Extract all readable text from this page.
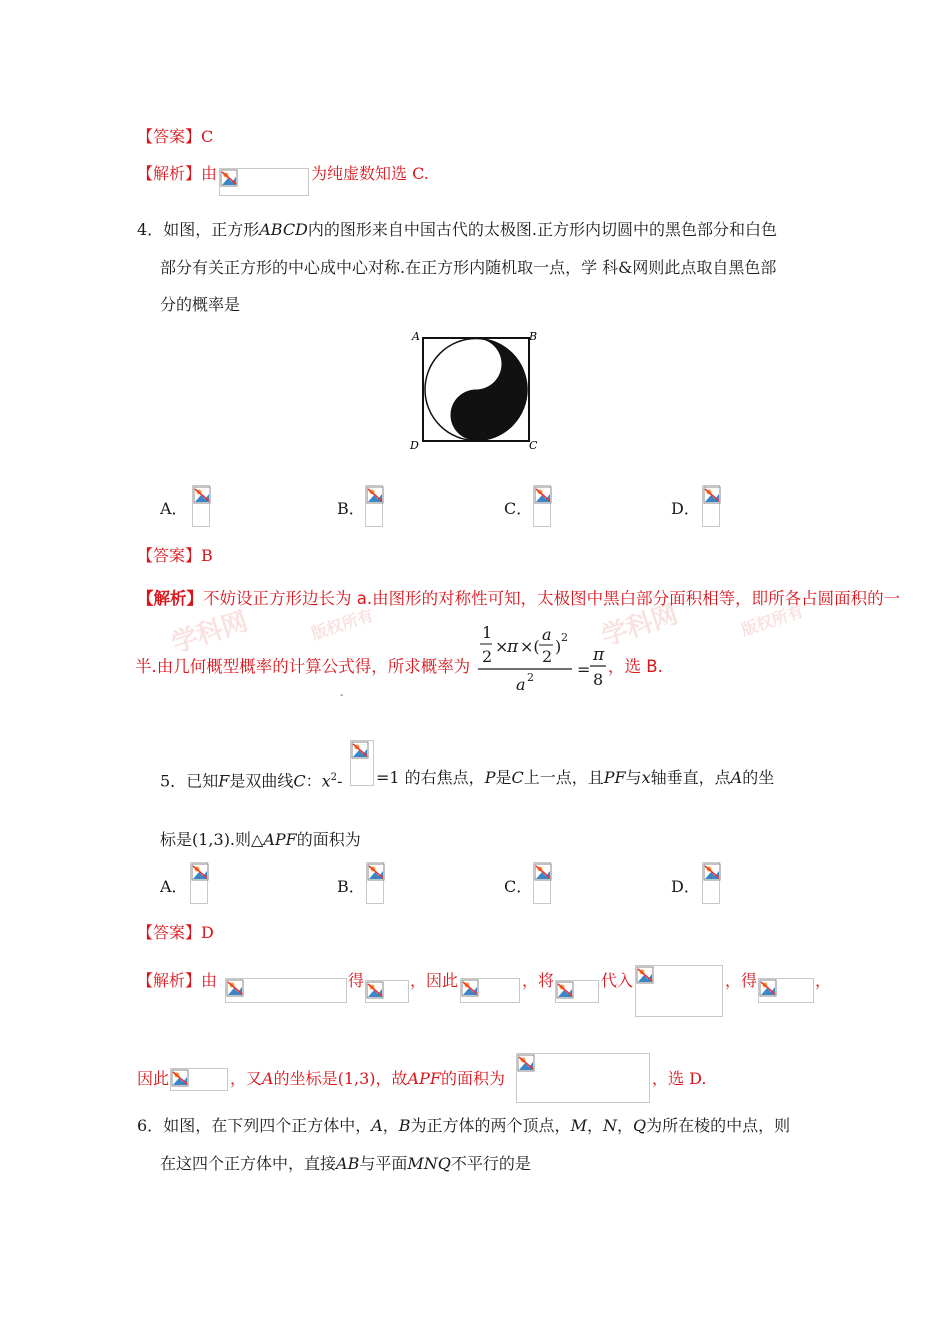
【答案】C
【解析】由	为纯虚数知选 C.
4．如图，正方形ABCD内的图形来自中国古代的太极图.正方形内切圆中的黑色部分和白色
部分有关正方形的中心成中心对称.在正方形内随机取一点，学 科&网则此点取自黑色部
分的概率是
A	B
C
D
A．	B．	C．	D．
【答案】B
学科网	版权所有
学科网	版权所有
【解析】不妨设正方形边长为 a.由图形的对称性可知，太极图中黑白部分面积相等，即所各占圆面积的一
半.由几何概型概率的计算公式得，所求概率为
1
2
×
π ×(
a
2
) 2
a 2	=
π
8
，选 B.
-
5．已知F是双曲线C：$x^2- =1$ 的右焦点，P是C上一点，且PF与x轴垂直，点A的坐
标是(1,3).则△APF的面积为
A．	B．	C．	D．
【答案】D
【解析】由	得	，因此	，将	代入	，得	，
因此	，又A的坐标是(1,3)，故APF的面积为	，选 D.
6．如图，在下列四个正方体中，A，B为正方体的两个顶点，M，N，Q为所在棱的中点，则
在这四个正方体中，直接AB与平面MNQ不平行的是
